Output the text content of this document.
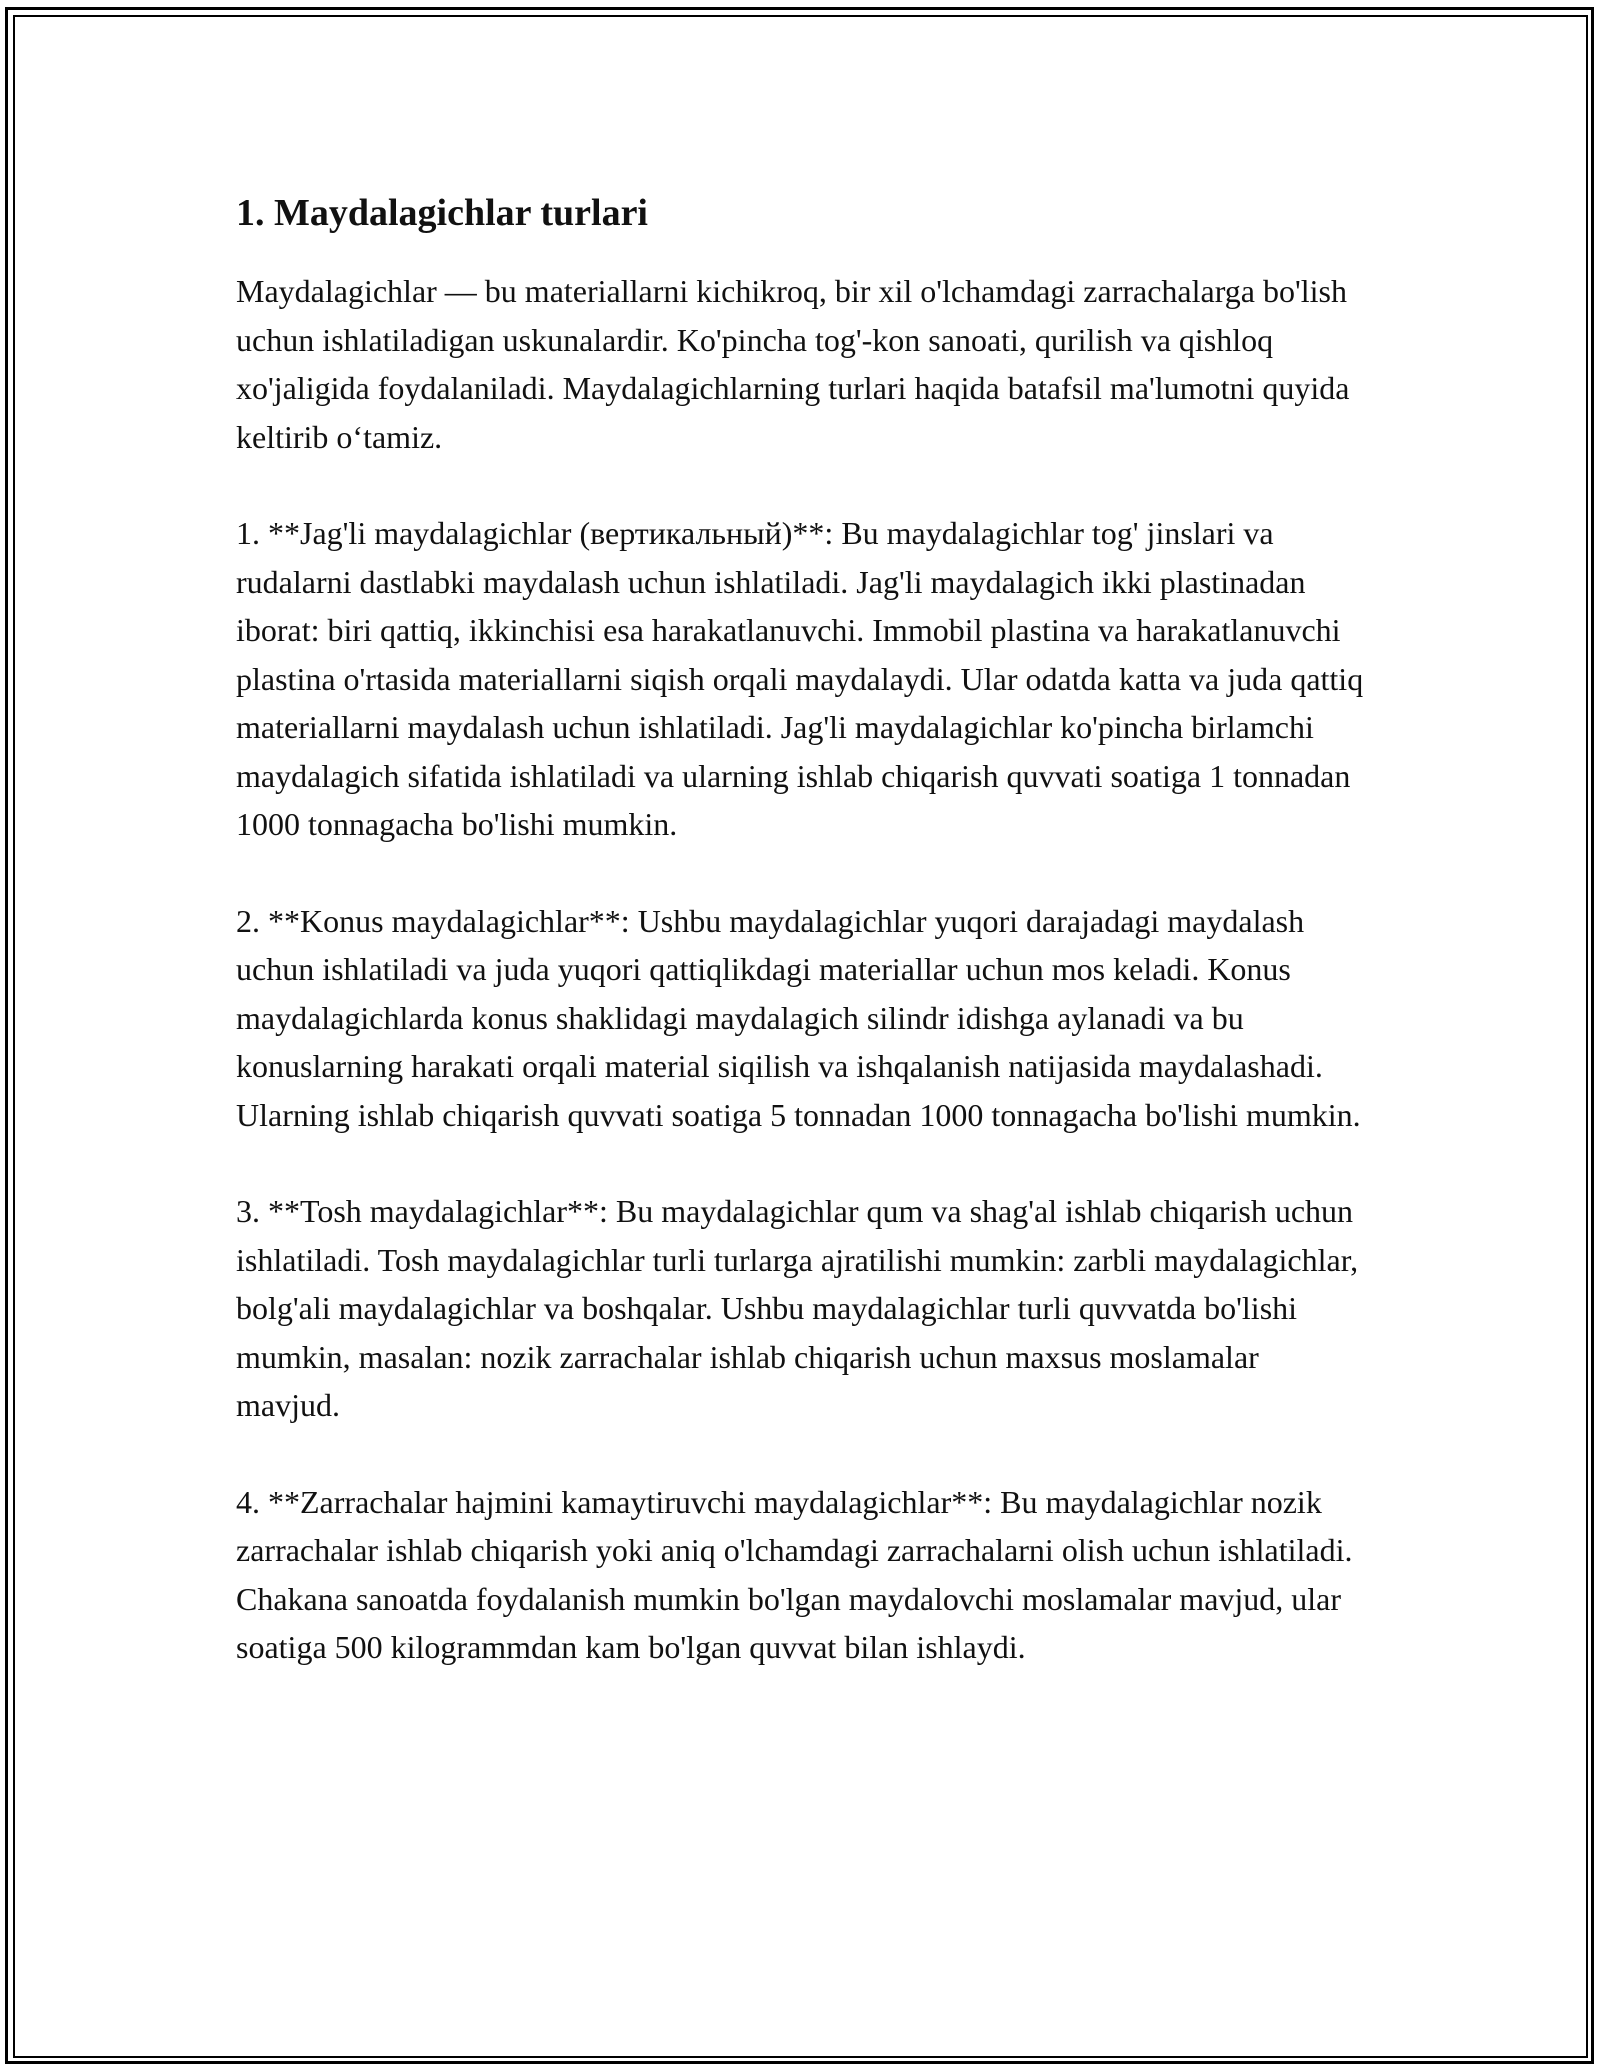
1. Maydalagichlar turlari

Maydalagichlar — bu materiallarni kichikroq, bir xil o'lchamdagi zarrachalarga bo'lish uchun ishlatiladigan uskunalardir. Ko'pincha tog'-kon sanoati, qurilish va qishloq xo'jaligida foydalaniladi. Maydalagichlarning turlari haqida batafsil ma'lumotni quyida keltirib o‘tamiz.

1. **Jag'li maydalagichlar (вертикальный)**: Bu maydalagichlar tog' jinslari va rudalarni dastlabki maydalash uchun ishlatiladi. Jag'li maydalagich ikki plastinadan iborat: biri qattiq, ikkinchisi esa harakatlanuvchi. Immobil plastina va harakatlanuvchi plastina o'rtasida materiallarni siqish orqali maydalaydi. Ular odatda katta va juda qattiq materiallarni maydalash uchun ishlatiladi. Jag'li maydalagichlar ko'pincha birlamchi maydalagich sifatida ishlatiladi va ularning ishlab chiqarish quvvati soatiga 1 tonnadan 1000 tonnagacha bo'lishi mumkin.

2. **Konus maydalagichlar**: Ushbu maydalagichlar yuqori darajadagi maydalash uchun ishlatiladi va juda yuqori qattiqlikdagi materiallar uchun mos keladi. Konus maydalagichlarda konus shaklidagi maydalagich silindr idishga aylanadi va bu konuslarning harakati orqali material siqilish va ishqalanish natijasida maydalashadi. Ularning ishlab chiqarish quvvati soatiga 5 tonnadan 1000 tonnagacha bo'lishi mumkin.

3. **Tosh maydalagichlar**: Bu maydalagichlar qum va shag'al ishlab chiqarish uchun ishlatiladi. Tosh maydalagichlar turli turlarga ajratilishi mumkin: zarbli maydalagichlar, bolg'ali maydalagichlar va boshqalar. Ushbu maydalagichlar turli quvvatda bo'lishi mumkin, masalan: nozik zarrachalar ishlab chiqarish uchun maxsus moslamalar mavjud.

4. **Zarrachalar hajmini kamaytiruvchi maydalagichlar**: Bu maydalagichlar nozik zarrachalar ishlab chiqarish yoki aniq o'lchamdagi zarrachalarni olish uchun ishlatiladi. Chakana sanoatda foydalanish mumkin bo'lgan maydalovchi moslamalar mavjud, ular soatiga 500 kilogrammdan kam bo'lgan quvvat bilan ishlaydi.
